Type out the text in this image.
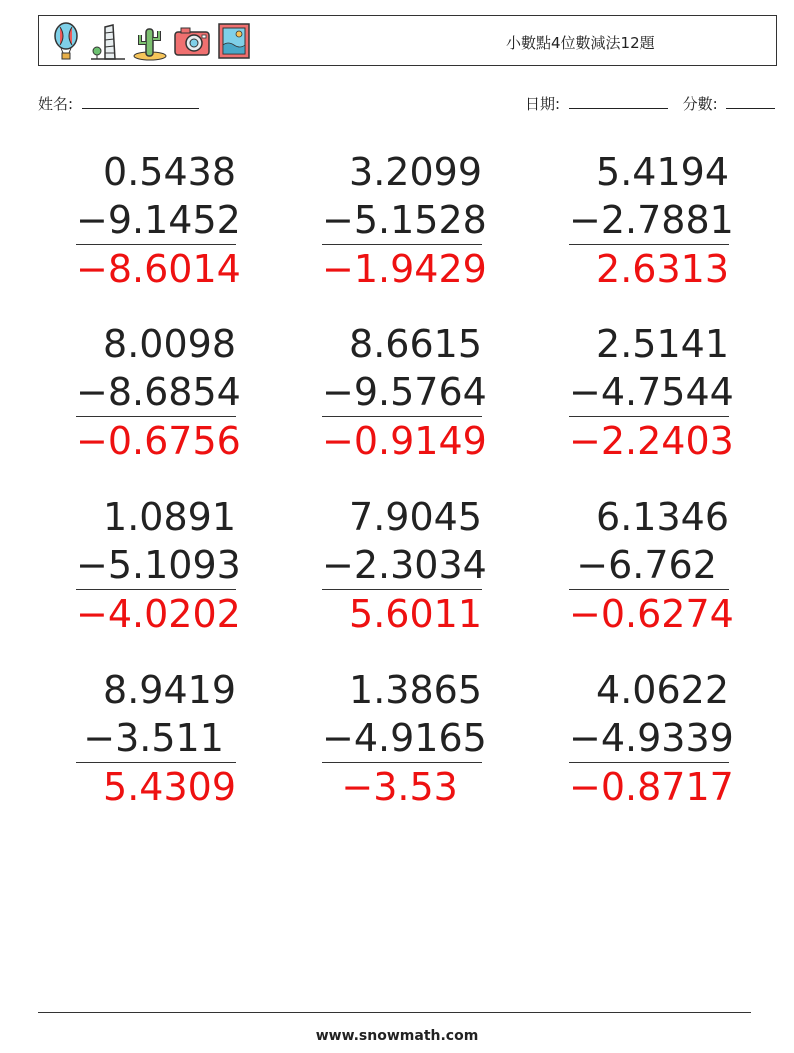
小數點4位數減法12題
姓名:	日期:	分數:
0.5438
−9.1452
−8.6014
3.2099
−5.1528
−1.9429
5.4194
−2.7881
2.6313
8.0098
−8.6854
−0.6756
8.6615
−9.5764
−0.9149
2.5141
−4.7544
−2.2403
1.0891
−5.1093
−4.0202
7.9045
−2.3034
5.6011
6.1346
−6.762
−0.6274
8.9419
−3.511
5.4309
1.3865
−4.9165
−3.53
4.0622
−4.9339
−0.8717
www.snowmath.com
